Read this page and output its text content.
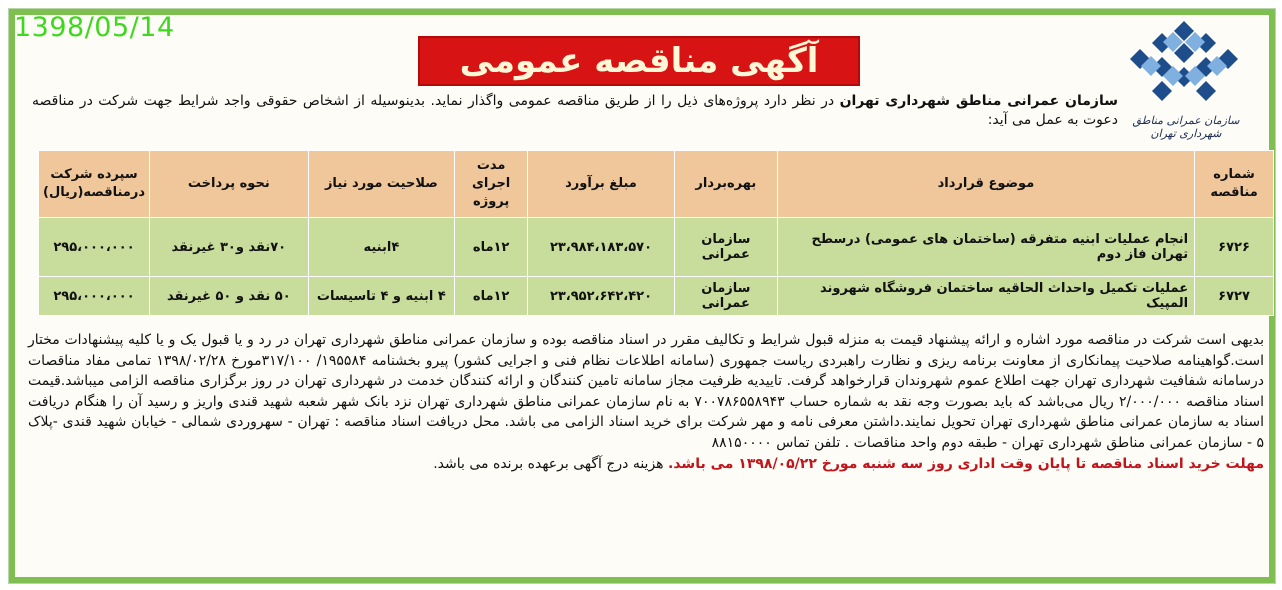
1398/05/14
آگهی مناقصه عمومی
سازمان عمرانی مناطق شهرداری تهران
سازمان عمرانی مناطق شهرداری تهران در نظر دارد پروژه‌های ذیل را از طریق مناقصه عمومی واگذار نماید. بدینوسیله از اشخاص حقوقی واجد شرایط جهت شرکت در مناقصه دعوت به عمل می آید:
شماره مناقصه	موضوع قرارداد	بهره‌بردار	مبلغ برآورد	مدت اجرای پروژه	صلاحیت مورد نیاز	نحوه پرداخت	سپرده شرکت درمناقصه(ریال)
۶۷۲۶	انجام عملیات ابنیه متفرقه (ساختمان های عمومی) درسطح تهران فاز دوم	سازمان عمرانی	۲۳،۹۸۴،۱۸۳،۵۷۰	۱۲ماه	۴ابنیه	۷۰نقد و۳۰ غیرنقد	۲۹۵،۰۰۰،۰۰۰
۶۷۲۷	عملیات تکمیل واحداث الحاقیه ساختمان فروشگاه شهروند المپیک	سازمان عمرانی	۲۳،۹۵۲،۶۴۲،۴۲۰	۱۲ماه	۴ ابنیه و ۴ تاسیسات	۵۰ نقد و ۵۰ غیرنقد	۲۹۵،۰۰۰،۰۰۰
بدیهی است شرکت در مناقصه مورد اشاره و ارائه پیشنهاد قیمت به منزله قبول شرایط و تکالیف مقرر در اسناد مناقصه بوده و سازمان عمرانی مناطق شهرداری تهران در رد و یا قبول یک و یا کلیه پیشنهادات مختار است.گواهینامه صلاحیت پیمانکاری از معاونت برنامه ریزی و نظارت راهبردی ریاست جمهوری (سامانه اطلاعات نظام فنی و اجرایی کشور) پیرو بخشنامه ۱۹۵۵۸۴/ ۳۱۷/۱۰۰مورخ ۱۳۹۸/۰۲/۲۸ تمامی مفاد مناقصات درسامانه شفافیت شهرداری تهران جهت اطلاع عموم شهروندان قرارخواهد گرفت. تاییدیه ظرفیت مجاز سامانه تامین کنندگان و ارائه کنندگان خدمت در شهرداری تهران در روز برگزاری مناقصه الزامی میباشد.قیمت اسناد مناقصه ۲/۰۰۰/۰۰۰ ریال می‌باشد که باید بصورت وجه نقد به شماره حساب ۷۰۰۷۸۶۵۵۸۹۴۳ به نام سازمان عمرانی مناطق شهرداری تهران نزد بانک شهر شعبه شهید قندی واریز و رسید آن را هنگام دریافت اسناد به سازمان عمرانی مناطق شهرداری تهران تحویل نمایند.داشتن معرفی نامه و مهر شرکت برای خرید اسناد الزامی می باشد. محل دریافت اسناد مناقصه : تهران - سهروردی شمالی - خیابان شهید قندی -پلاک ۵ - سازمان عمرانی مناطق شهرداری تهران - طبقه دوم واحد مناقصات . تلفن تماس ۸۸۱۵۰۰۰۰
مهلت خرید اسناد مناقصه تا پایان وقت اداری روز سه شنبه مورخ ۱۳۹۸/۰۵/۲۲ می باشد. هزینه درج آگهی برعهده برنده می باشد.
